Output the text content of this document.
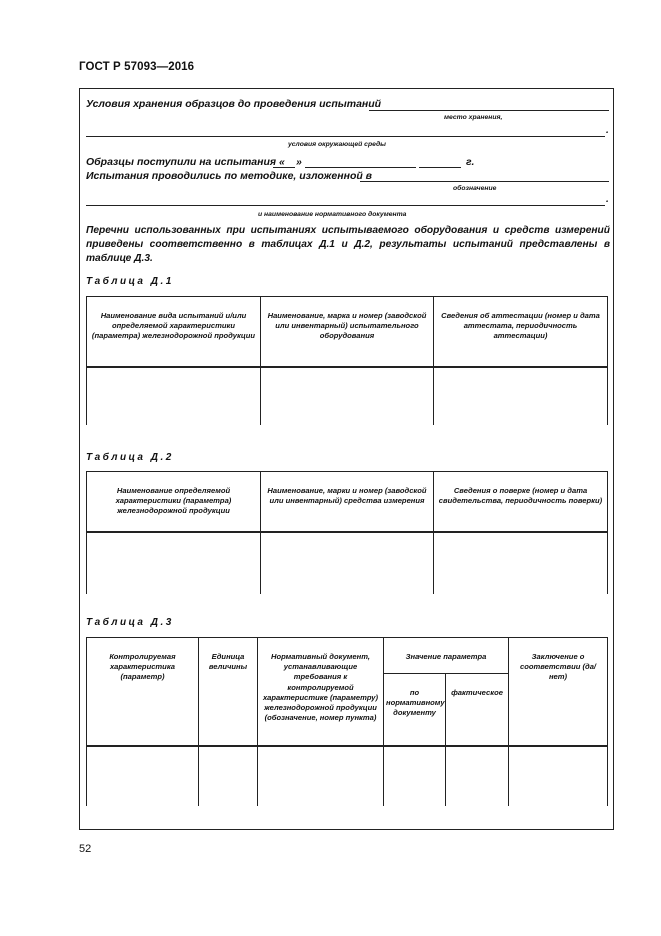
ГОСТ Р 57093—2016
Условия хранения образцов до проведения испытаний
место хранения,
.
условия окружающей среды
Образцы поступили на испытания « »	г.
Испытания проводились по методике, изложенной в
обозначение
.
и наименование нормативного документа
Перечни использованных при испытаниях испытываемого оборудования и средств измерений приведены соответственно в таблицах Д.1 и Д.2, результаты испытаний представлены в таблице Д.3.
Таблица Д.1
Наименование вида испытаний и/или определяемой характеристики (параметра) железнодорожной продукции	Наименование, марка и номер (заводской или инвентарный) испытательного оборудования	Сведения об аттестации (номер и дата аттестата, периодичность аттестации)

Таблица Д.2
Наименование определяемой характеристики (параметра) железнодорожной продукции	Наименование, марки и номер (заводской или инвентарный) средства измерения	Сведения о поверке (номер и дата свидетельства, периодичность поверки)

Таблица Д.3
Контролируемая характеристика (параметр)	Единица величины	Нормативный документ, устанавливающие требования к контролируемой характеристике (параметру) железнодорожной продукции (обозначение, номер пункта)	Значение параметра		Заключение о соответствии (да/нет)
			по нормативному документу	фактическое	

52
